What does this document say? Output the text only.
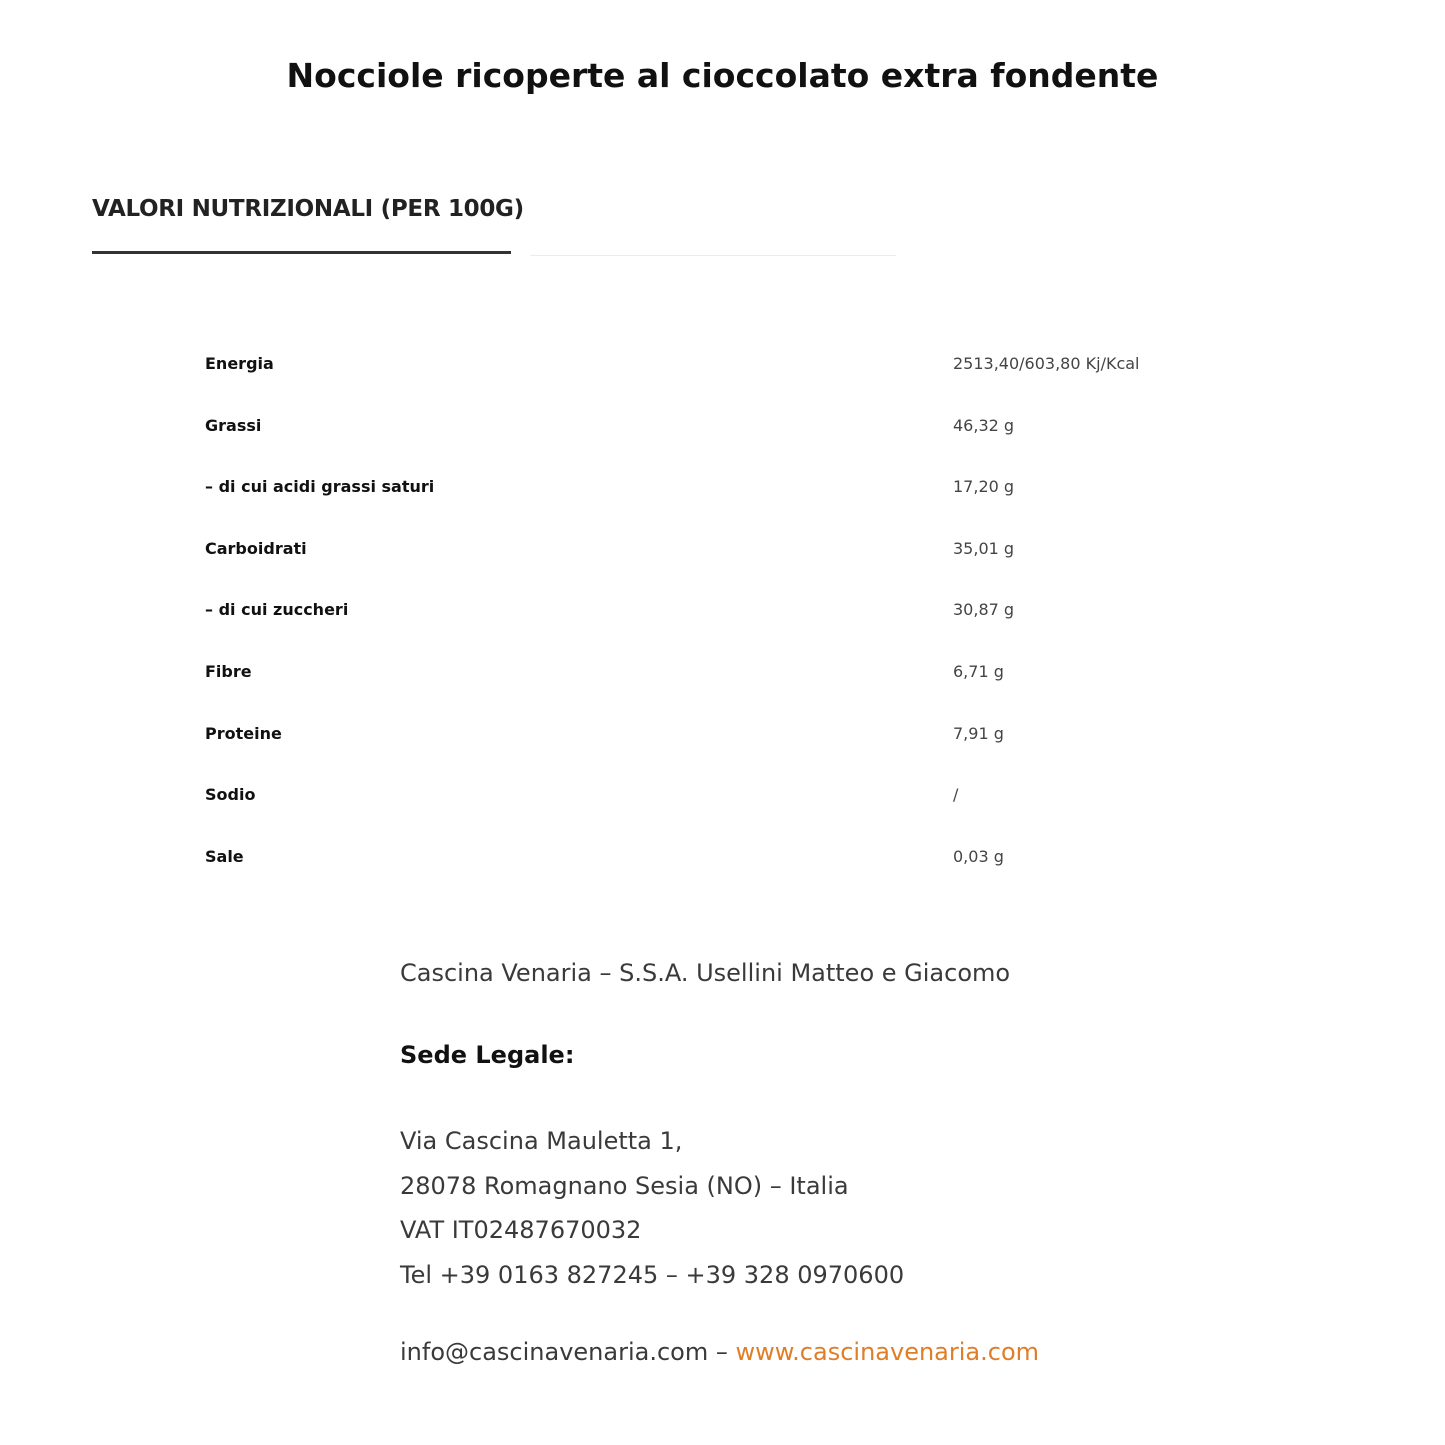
Nocciole ricoperte al cioccolato extra fondente
VALORI NUTRIZIONALI (PER 100G)
Energia	2513,40/603,80 Kj/Kcal
Grassi	46,32 g
– di cui acidi grassi saturi	17,20 g
Carboidrati	35,01 g
– di cui zuccheri	30,87 g
Fibre	6,71 g
Proteine	7,91 g
Sodio	/
Sale	0,03 g
Cascina Venaria – S.S.A. Usellini Matteo e Giacomo
Sede Legale:
Via Cascina Mauletta 1,
28078 Romagnano Sesia (NO) – Italia
VAT IT02487670032
Tel +39 0163 827245 – +39 328 0970600
info@cascinavenaria.com – www.cascinavenaria.com
